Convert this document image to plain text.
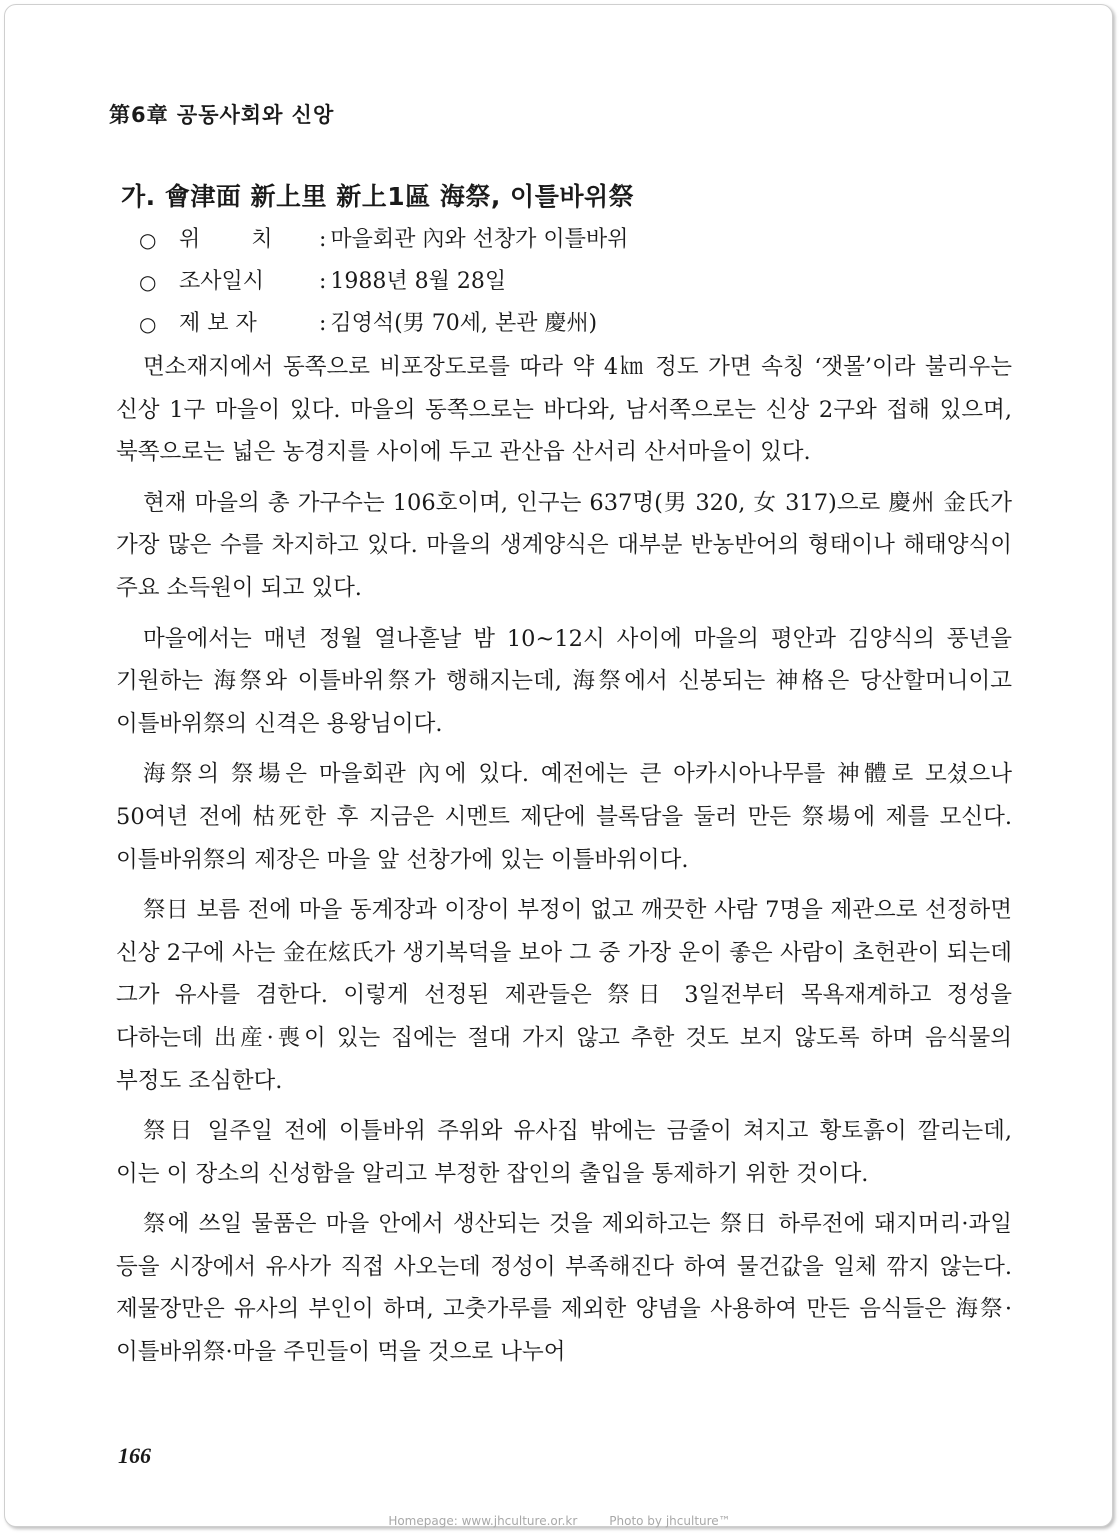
第6章 공동사회와 신앙
가. 會津面 新上里 新上1區 海祭, 이틀바위祭
○	위　　 치	: 마을회관 內와 선창가 이틀바위
○	조사일시	: 1988년 8월 28일
○	제 보 자	: 김영석(男 70세, 본관 慶州)

면소재지에서 동쪽으로 비포장도로를 따라 약 4㎞ 정도 가면 속칭 ‘잿몰’이라 불리우는 신상 1구 마을이 있다. 마을의 동쪽으로는 바다와, 남서쪽으로는 신상 2구와 접해 있으며, 북쪽으로는 넓은 농경지를 사이에 두고 관산읍 산서리 산서마을이 있다.

현재 마을의 총 가구수는 106호이며, 인구는 637명(男 320, 女 317)으로 慶州 金氏가 가장 많은 수를 차지하고 있다. 마을의 생계양식은 대부분 반농반어의 형태이나 해태양식이 주요 소득원이 되고 있다.

마을에서는 매년 정월 열나흗날 밤 10~12시 사이에 마을의 평안과 김양식의 풍년을 기원하는 海祭와 이틀바위祭가 행해지는데, 海祭에서 신봉되는 神格은 당산할머니이고 이틀바위祭의 신격은 용왕님이다.

海祭의 祭場은 마을회관 內에 있다. 예전에는 큰 아카시아나무를 神體로 모셨으나 50여년 전에 枯死한 후 지금은 시멘트 제단에 블록담을 둘러 만든 祭場에 제를 모신다. 이틀바위祭의 제장은 마을 앞 선창가에 있는 이틀바위이다.

祭日 보름 전에 마을 동계장과 이장이 부정이 없고 깨끗한 사람 7명을 제관으로 선정하면 신상 2구에 사는 金在炫氏가 생기복덕을 보아 그 중 가장 운이 좋은 사람이 초헌관이 되는데 그가 유사를 겸한다. 이렇게 선정된 제관들은 祭日 3일전부터 목욕재계하고 정성을 다하는데 出産·喪이 있는 집에는 절대 가지 않고 추한 것도 보지 않도록 하며 음식물의 부정도 조심한다.

祭日 일주일 전에 이틀바위 주위와 유사집 밖에는 금줄이 쳐지고 황토흙이 깔리는데, 이는 이 장소의 신성함을 알리고 부정한 잡인의 출입을 통제하기 위한 것이다.

祭에 쓰일 물품은 마을 안에서 생산되는 것을 제외하고는 祭日 하루전에 돼지머리·과일 등을 시장에서 유사가 직접 사오는데 정성이 부족해진다 하여 물건값을 일체 깎지 않는다. 제물장만은 유사의 부인이 하며, 고춧가루를 제외한 양념을 사용하여 만든 음식들은 海祭·이틀바위祭·마을 주민들이 먹을 것으로 나누어

166
Homepage: www.jhculture.or.kr	Photo by jhculture™
